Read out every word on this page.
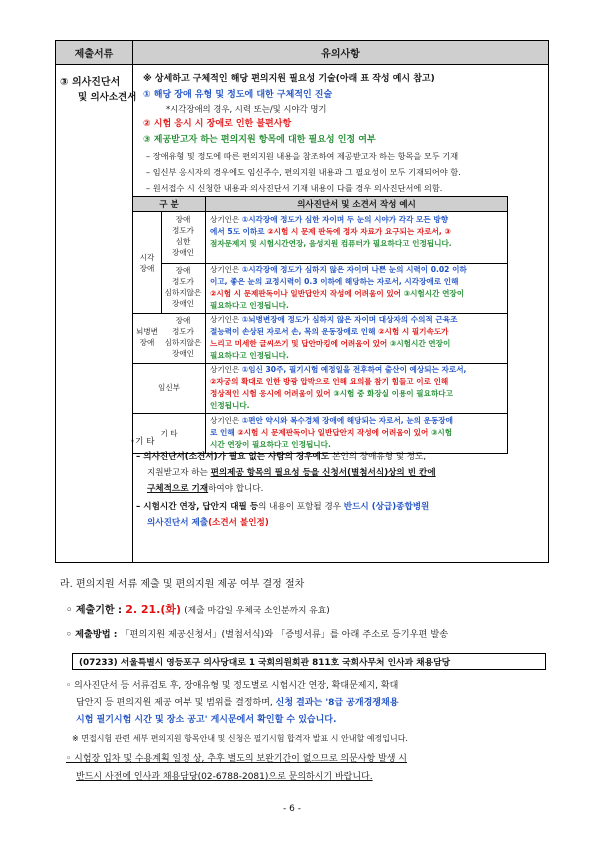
제출서류	유의사항
③ 의사진단서
및 의사소견서
※ 상세하고 구체적인 해당 편의지원 필요성 기술(아래 표 작성 예시 참고)
① 해당 장애 유형 및 정도에 대한 구체적인 진술
*시각장애의 경우, 시력 또는/및 시야각 명기
② 시험 응시 시 장애로 인한 불편사항
③ 제공받고자 하는 편의지원 항목에 대한 필요성 인정 여부
– 장애유형 및 정도에 따른 편의지원 내용을 참조하여 제공받고자 하는 항목을 모두 기재
– 임신부 응시자의 경우에도 임신주수, 편의지원 내용과 그 필요성이 모두 기재되어야 함.
– 원서접수 시 신청한 내용과 의사진단서 기재 내용이 다를 경우 의사진단서에 의함.
◦기 타
– 의사진단서(소견서)가 필요 없는 사람의 경우에도 본인의 장애유형 및 정도,
지원받고자 하는 편의제공 항목의 필요성 등을 신청서(별첨서식)상의 빈 칸에
구체적으로 기재하여야 합니다.
– 시험시간 연장, 답안지 대필 등의 내용이 포함될 경우 반드시 (상급)종합병원
의사진단서 제출(소견서 불인정)
구 분	의사진단서 및 소견서 작성 예시
시각
장애
장애
정도가
심한
장애인
장애
정도가
심하지않은
장애인
뇌병변
장애
장애
정도가
심하지않은
장애인
임신부
기 타
상기인은 ①시각장애 정도가 심한 자이며 두 눈의 시야가 각각 모든 방향
에서 5도 이하로 ②시험 시 문제 판독에 정자 자료가 요구되는 자로서, ③
점자문제지 및 시험시간연장, 음성지원 컴퓨터가 필요하다고 인정됩니다.
상기인은 ①시각장애 정도가 심하지 않은 자이며 나쁜 눈의 시력이 0.02 이하
이고, 좋은 눈의 교정시력이 0.3 이하에 해당하는 자로서, 시각장애로 인해
②시험 시 문제판독이나 일반답안지 작성에 어려움이 있어 ③시험시간 연장이
필요하다고 인정됩니다.
상기인은 ①뇌병변장애 정도가 심하지 않은 자이며 대상자의 수의적 근육조
절능력이 손상된 자로서 손, 목의 운동장애로 인해 ②시험 시 필기속도가
느리고 미세한 글씨쓰기 및 답안마킹에 어려움이 있어 ③시험시간 연장이
필요하다고 인정됩니다.
상기인은 ①임신 30주, 필기시험 예정일을 전후하여 출산이 예상되는 자로서,
②자궁의 확대로 인한 방광 압박으로 인해 요의를 참기 힘들고 이로 인해
정상적인 시험 응시에 어려움이 있어 ③시험 중 화장실 이용이 필요하다고
인정됩니다.
상기인은 ①편안 약시와 복수경체 장애에 해당되는 자로서, 눈의 운동장애
로 인해 ②시험 시 문제판독이나 일반답안지 작성에 어려움이 있어 ③시험
시간 연장이 필요하다고 인정됩니다.
라. 편의지원 서류 제출 및 편의지원 제공 여부 결정 절차
◦ 제출기한 : 2. 21.(화) (제출 마감일 우체국 소인분까지 유효)
◦ 제출방법 : 「편의지원 제공신청서」(별첨서식)와 「증빙서류」를 아래 주소로 등기우편 발송
(07233) 서울특별시 영등포구 의사당대로 1 국회의원회관 811호 국회사무처 인사과 채용담당
◦ 의사진단서 등 서류검토 후, 장애유형 및 정도별로 시험시간 연장, 확대문제지, 확대
답안지 등 편의지원 제공 여부 및 범위를 결정하며, 신청 결과는 '8급 공개경쟁채용
시험 필기시험 시간 및 장소 공고' 게시문에서 확인할 수 있습니다.
※ 면접시험 관련 세부 편의지원 항목안내 및 신청은 필기시험 합격자 발표 시 안내할 예정입니다.
◦ 시험장 입차 및 수용계획 일정 상, 추후 별도의 보완기간이 없으므로 의문사항 발생 시
반드시 사전에 인사과 채용담당(02-6788-2081)으로 문의하시기 바랍니다.
- 6 -
